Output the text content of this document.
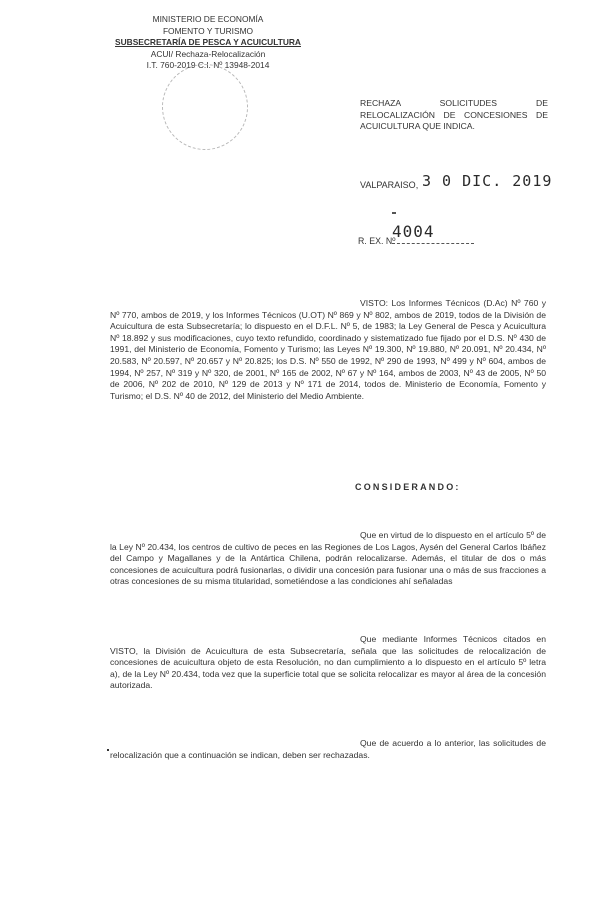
MINISTERIO DE ECONOMÍA
FOMENTO Y TURISMO
SUBSECRETARÍA DE PESCA Y ACUICULTURA
ACUI/ Rechaza-Relocalización
I.T. 760-2019 C.I. Nº 13948-2014
RECHAZA SOLICITUDES DE RELOCALIZACIÓN DE CONCESIONES DE ACUICULTURA QUE INDICA.
VALPARAISO, 3 0 DIC. 2019
R. EX. Nº
4004
VISTO: Los Informes Técnicos (D.Ac) Nº 760 y Nº 770, ambos de 2019, y los Informes Técnicos (U.OT) Nº 869 y Nº 802, ambos de 2019, todos de la División de Acuicultura de esta Subsecretaría; lo dispuesto en el D.F.L. Nº 5, de 1983; la Ley General de Pesca y Acuicultura Nº 18.892 y sus modificaciones, cuyo texto refundido, coordinado y sistematizado fue fijado por el D.S. Nº 430 de 1991, del Ministerio de Economía, Fomento y Turismo; las Leyes Nº 19.300, Nº 19.880, Nº 20.091, Nº 20.434, Nº 20.583, Nº 20.597, Nº 20.657 y Nº 20.825; los D.S. Nº 550 de 1992, Nº 290 de 1993, Nº 499 y Nº 604, ambos de 1994, Nº 257, Nº 319 y Nº 320, de 2001, Nº 165 de 2002, Nº 67 y Nº 164, ambos de 2003, Nº 43 de 2005, Nº 50 de 2006, Nº 202 de 2010, Nº 129 de 2013 y Nº 171 de 2014, todos de. Ministerio de Economía, Fomento y Turismo; el D.S. Nº 40 de 2012, del Ministerio del Medio Ambiente.
CONSIDERANDO:
Que en virtud de lo dispuesto en el artículo 5º de la Ley Nº 20.434, los centros de cultivo de peces en las Regiones de Los Lagos, Aysén del General Carlos Ibáñez del Campo y Magallanes y de la Antártica Chilena, podrán relocalizarse. Además, el titular de dos o más concesiones de acuicultura podrá fusionarlas, o dividir una concesión para fusionar una o más de sus fracciones a otras concesiones de su misma titularidad, sometiéndose a las condiciones ahí señaladas
Que mediante Informes Técnicos citados en VISTO, la División de Acuicultura de esta Subsecretaría, señala que las solicitudes de relocalización de concesiones de acuicultura objeto de esta Resolución, no dan cumplimiento a lo dispuesto en el artículo 5º letra a), de la Ley Nº 20.434, toda vez que la superficie total que se solicita relocalizar es mayor al área de la concesión autorizada.
Que de acuerdo a lo anterior, las solicitudes de relocalización que a continuación se indican, deben ser rechazadas.
